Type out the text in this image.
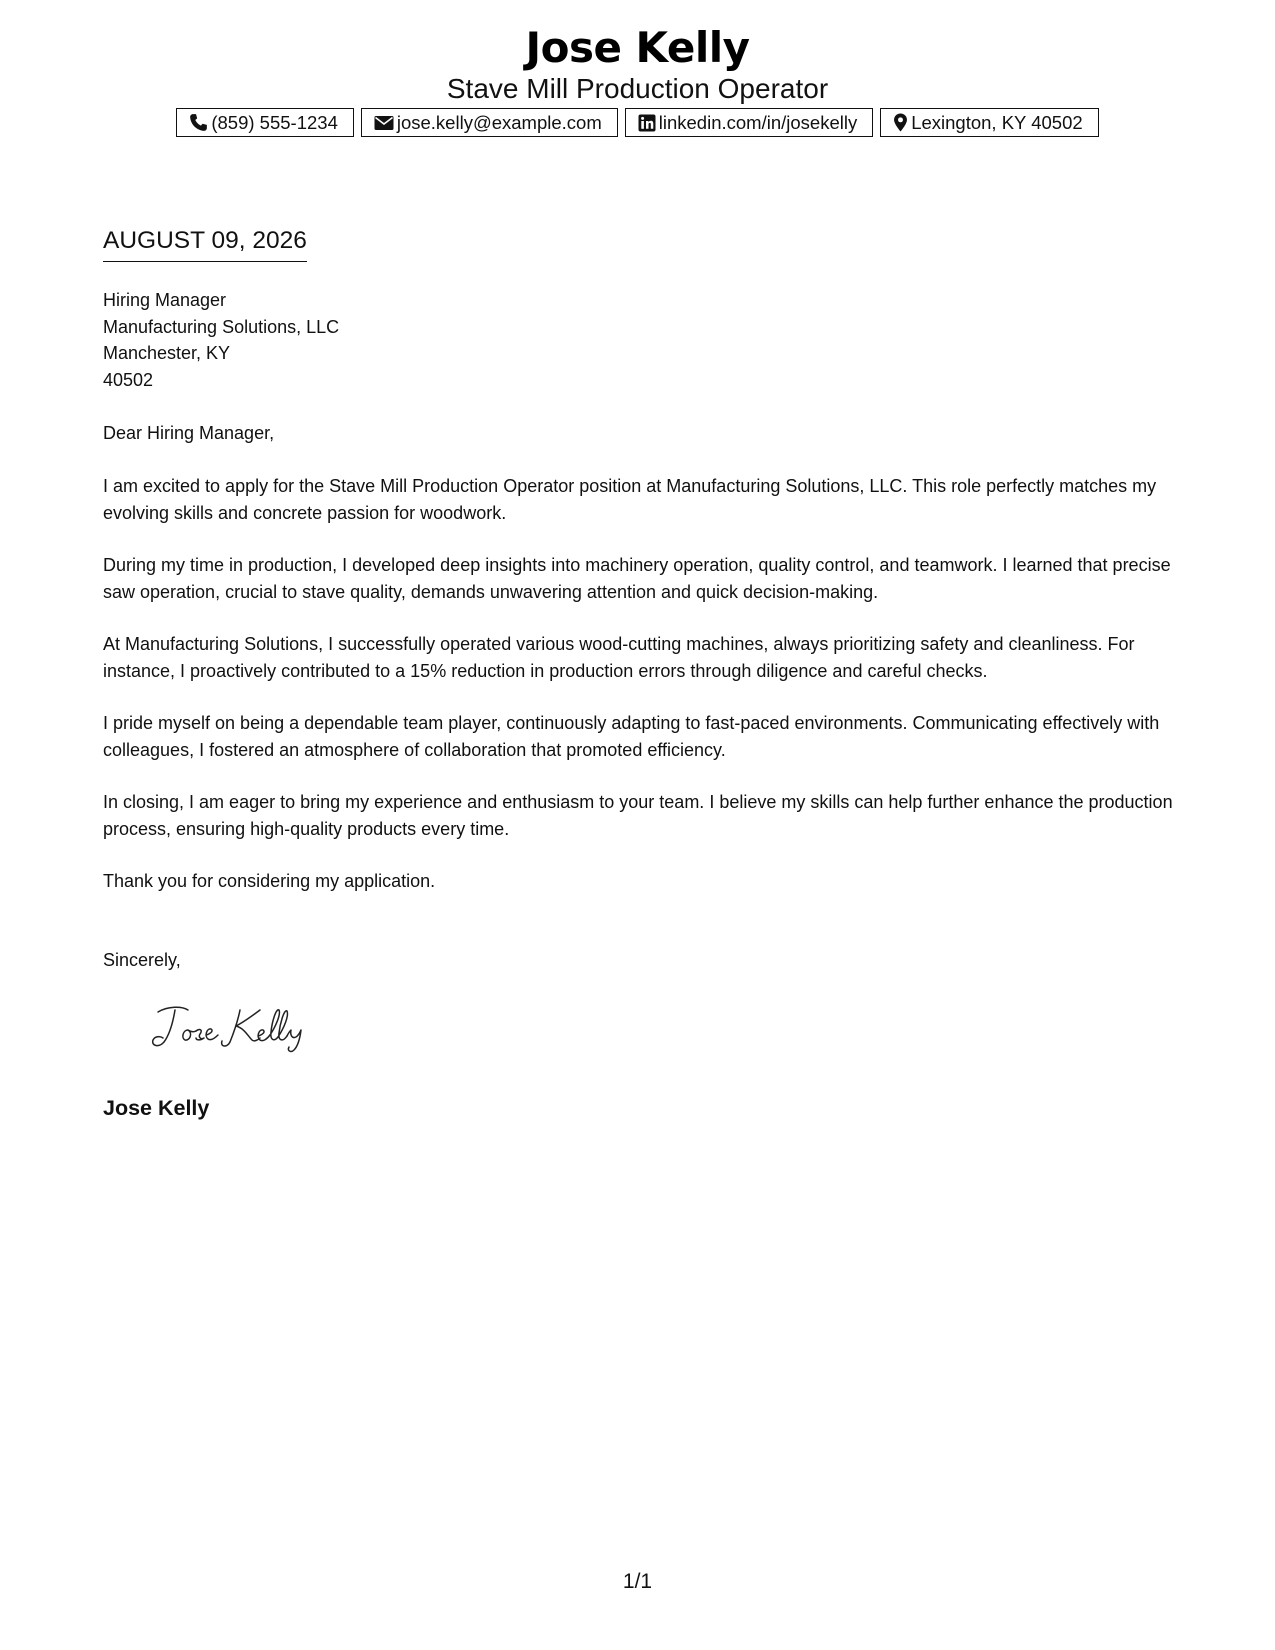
Jose Kelly
Stave Mill Production Operator
(859) 555-1234	jose.kelly@example.com	linkedin.com/in/josekelly	Lexington, KY 40502
AUGUST 09, 2026
Hiring Manager
Manufacturing Solutions, LLC
Manchester, KY
40502
Dear Hiring Manager,

I am excited to apply for the Stave Mill Production Operator position at Manufacturing Solutions, LLC. This role perfectly matches my evolving skills and concrete passion for woodwork.

During my time in production, I developed deep insights into machinery operation, quality control, and teamwork. I learned that precise saw operation, crucial to stave quality, demands unwavering attention and quick decision-making.

At Manufacturing Solutions, I successfully operated various wood-cutting machines, always prioritizing safety and cleanliness. For instance, I proactively contributed to a 15% reduction in production errors through diligence and careful checks.

I pride myself on being a dependable team player, continuously adapting to fast-paced environments. Communicating effectively with colleagues, I fostered an atmosphere of collaboration that promoted efficiency.

In closing, I am eager to bring my experience and enthusiasm to your team. I believe my skills can help further enhance the production process, ensuring high-quality products every time.

Thank you for considering my application.

Sincerely,
Jose Kelly
1/1
